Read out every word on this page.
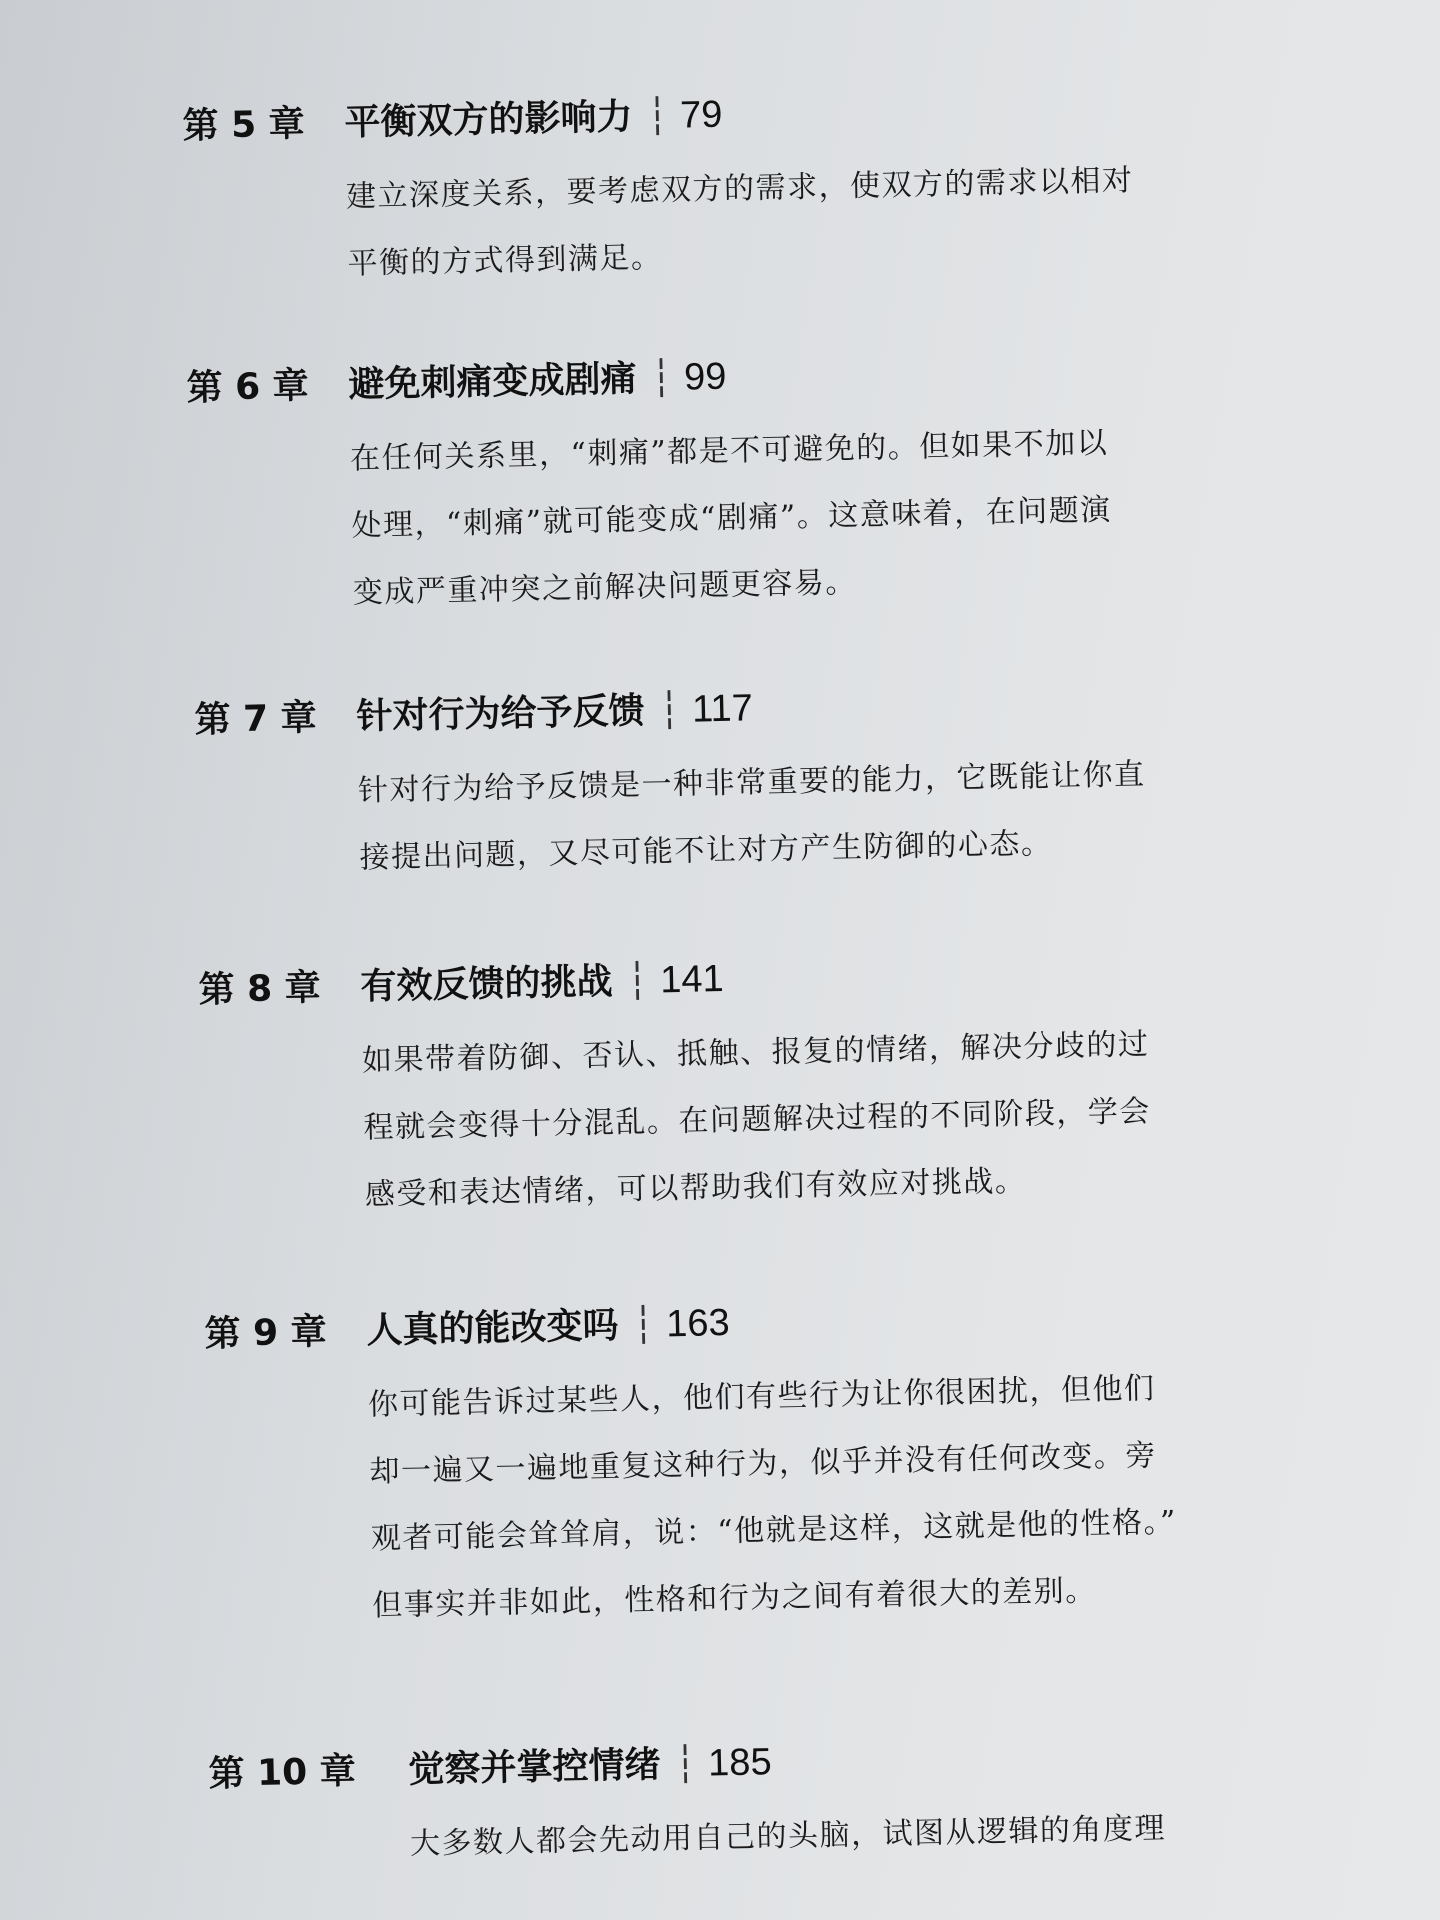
第 5 章	平衡双方的影响力 ┆ 79
建立深度关系，要考虑双方的需求，使双方的需求以相对
平衡的方式得到满足。
第 6 章	避免刺痛变成剧痛 ┆ 99
在任何关系里，“刺痛”都是不可避免的。但如果不加以
处理，“刺痛”就可能变成“剧痛”。这意味着，在问题演
变成严重冲突之前解决问题更容易。
第 7 章	针对行为给予反馈 ┆ 117
针对行为给予反馈是一种非常重要的能力，它既能让你直
接提出问题，又尽可能不让对方产生防御的心态。
第 8 章	有效反馈的挑战 ┆ 141
如果带着防御、否认、抵触、报复的情绪，解决分歧的过
程就会变得十分混乱。在问题解决过程的不同阶段，学会
感受和表达情绪，可以帮助我们有效应对挑战。
第 9 章	人真的能改变吗 ┆ 163
你可能告诉过某些人，他们有些行为让你很困扰，但他们
却一遍又一遍地重复这种行为，似乎并没有任何改变。旁
观者可能会耸耸肩，说：“他就是这样，这就是他的性格。”
但事实并非如此，性格和行为之间有着很大的差别。
第 10 章	觉察并掌控情绪 ┆ 185
大多数人都会先动用自己的头脑，试图从逻辑的角度理
